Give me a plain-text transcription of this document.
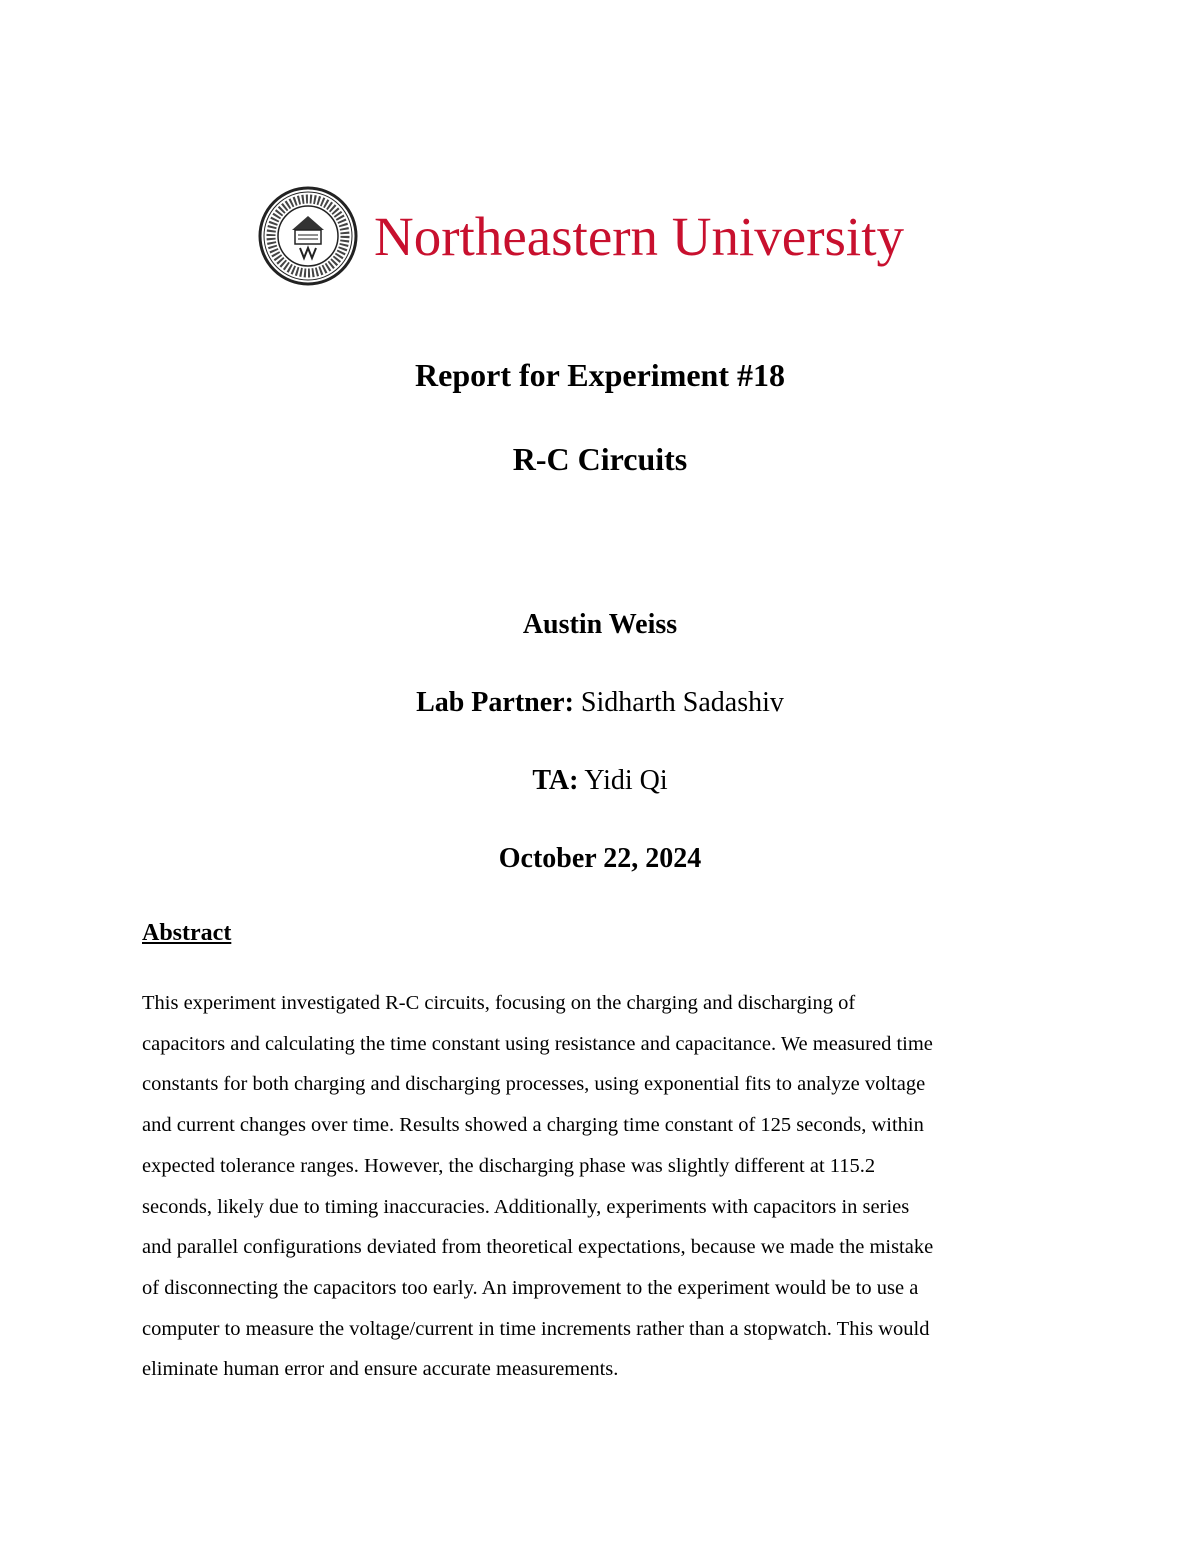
Northeastern University
Report for Experiment #18
R-C Circuits
Austin Weiss
Lab Partner: Sidharth Sadashiv
TA: Yidi Qi
October 22, 2024
Abstract
This experiment investigated R-C circuits, focusing on the charging and discharging of
capacitors and calculating the time constant using resistance and capacitance. We measured time
constants for both charging and discharging processes, using exponential fits to analyze voltage
and current changes over time. Results showed a charging time constant of 125 seconds, within
expected tolerance ranges. However, the discharging phase was slightly different at 115.2
seconds, likely due to timing inaccuracies. Additionally, experiments with capacitors in series
and parallel configurations deviated from theoretical expectations, because we made the mistake
of disconnecting the capacitors too early. An improvement to the experiment would be to use a
computer to measure the voltage/current in time increments rather than a stopwatch. This would
eliminate human error and ensure accurate measurements.
